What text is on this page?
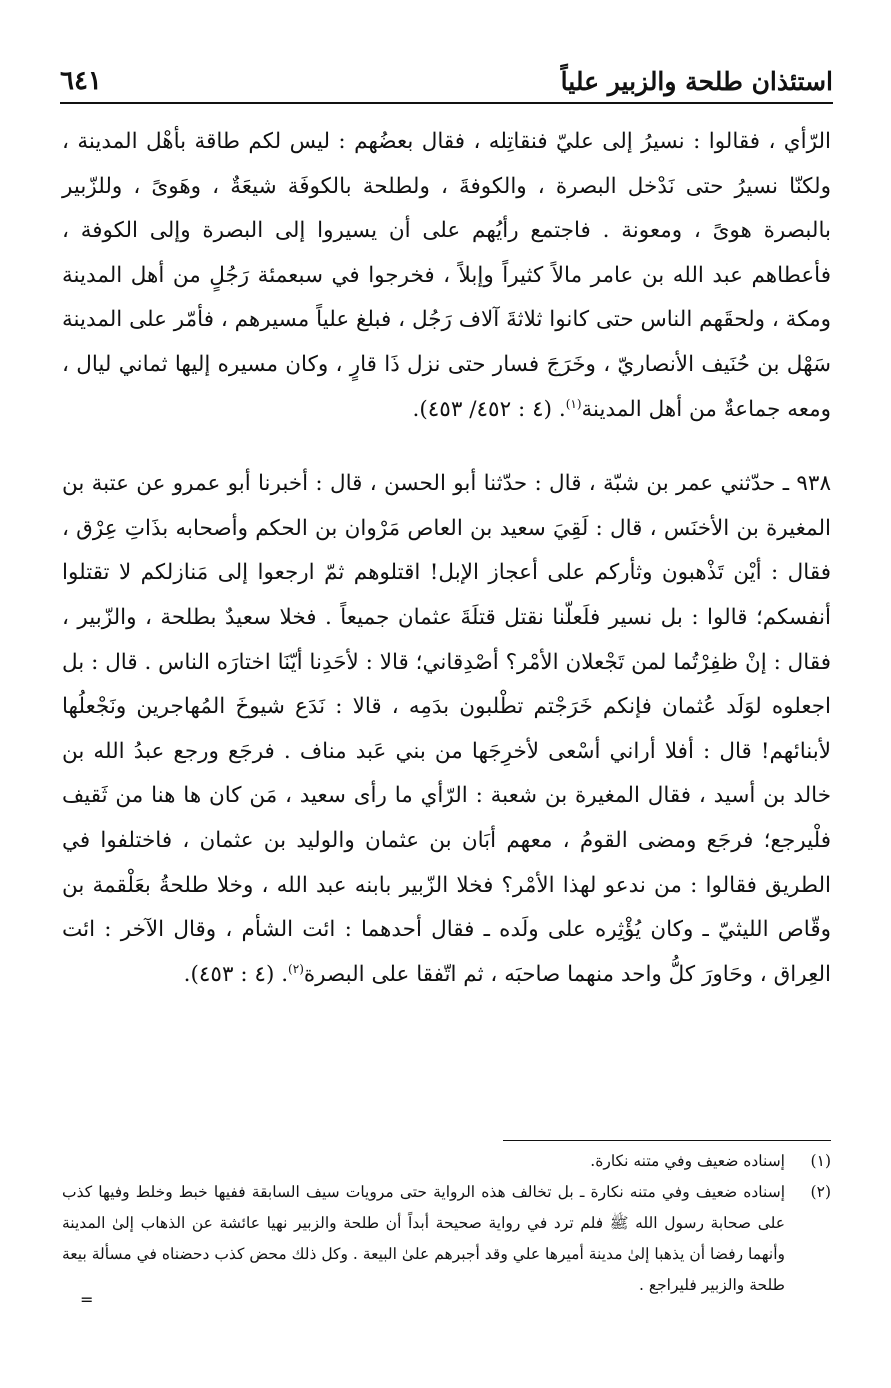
استئذان طلحة والزبير علياً
٦٤١

الرّأي ، فقالوا : نسيرُ إلى عليّ فنقاتِله ، فقال بعضُهم : ليس لكم طاقة بأهْل المدينة ، ولكنّا نسيرُ حتى نَدْخل البصرة ، والكوفةَ ، ولطلحة بالكوفَة شيعَةٌ ، وهَوىً ، وللزّبير بالبصرة هوىً ، ومعونة . فاجتمع رأيُهم على أن يسيروا إلى البصرة وإلى الكوفة ، فأعطاهم عبد الله بن عامر مالاً كثيراً وإبلاً ، فخرجوا في سبعمئة رَجُلٍ من أهل المدينة ومكة ، ولحقَهم الناس حتى كانوا ثلاثةَ آلاف رَجُل ، فبلغ علياً مسيرهم ، فأمّر على المدينة سَهْل بن حُنَيف الأنصاريّ ، وخَرَجَ فسار حتى نزل ذَا قارٍ ، وكان مسيره إليها ثماني ليال ، ومعه جماعةٌ من أهل المدينة$^{(١)}$. (٤ : ٤٥٢/ ٤٥٣).

٩٣٨ ـ حدّثني عمر بن شبّة ، قال : حدّثنا أبو الحسن ، قال : أخبرنا أبو عمرو عن عتبة بن المغيرة بن الأخنَس ، قال : لَقِيَ سعيد بن العاص مَرْوان بن الحكم وأصحابه بذَاتِ عِرْق ، فقال : أيْن تَذْهبون وثأركم على أعجاز الإبل! اقتلوهم ثمّ ارجعوا إلى مَنازلكم لا تقتلوا أنفسكم؛ قالوا : بل نسير فلَعلّنا نقتل قتلَةَ عثمان جميعاً . فخلا سعيدٌ بطلحة ، والزّبير ، فقال : إنْ ظفِرْتُما لمن تَجْعلان الأمْر؟ أصْدِقاني؛ قالا : لأحَدِنا أيّنَا اختارَه الناس . قال : بل اجعلوه لوَلَد عُثمان فإنكم خَرَجْتم تطْلبون بدَمِه ، قالا : نَدَع شيوخَ المُهاجرين ونَجْعلُها لأبنائهم! قال : أفلا أراني أسْعى لأخرِجَها من بني عَبد مناف . فرجَع ورجع عبدُ الله بن خالد بن أسيد ، فقال المغيرة بن شعبة : الرّأي ما رأى سعيد ، مَن كان ها هنا من ثَقيف فلْيرجع؛ فرجَع ومضى القومُ ، معهم أبَان بن عثمان والوليد بن عثمان ، فاختلفوا في الطريق فقالوا : من ندعو لهذا الأمْر؟ فخلا الزّبير بابنه عبد الله ، وخلا طلحةُ بعَلْقمة بن وقّاص الليثيّ ـ وكان يُؤْثِره على ولَده ـ فقال أحدهما : ائت الشأم ، وقال الآخر : ائت العِراق ، وحَاورَ كلُّ واحد منهما صاحبَه ، ثم اتّفقا على البصرة$^{(٢)}$. (٤ : ٤٥٣).

(١)
إسناده ضعيف وفي متنه نكارة.
(٢)
إسناده ضعيف وفي متنه نكارة ـ بل تخالف هذه الرواية حتى مرويات سيف السابقة ففيها خبط وخلط وفيها كذب على صحابة رسول الله ﷺ فلم ترد في رواية صحيحة أبداً أن طلحة والزبير نهيا عائشة عن الذهاب إلىٰ المدينة وأنهما رفضا أن يذهبا إلىٰ مدينة أميرها علي وقد أجبرهم علىٰ البيعة . وكل ذلك محض كذب دحضناه في مسألة بيعة طلحة والزبير فليراجع .
=
